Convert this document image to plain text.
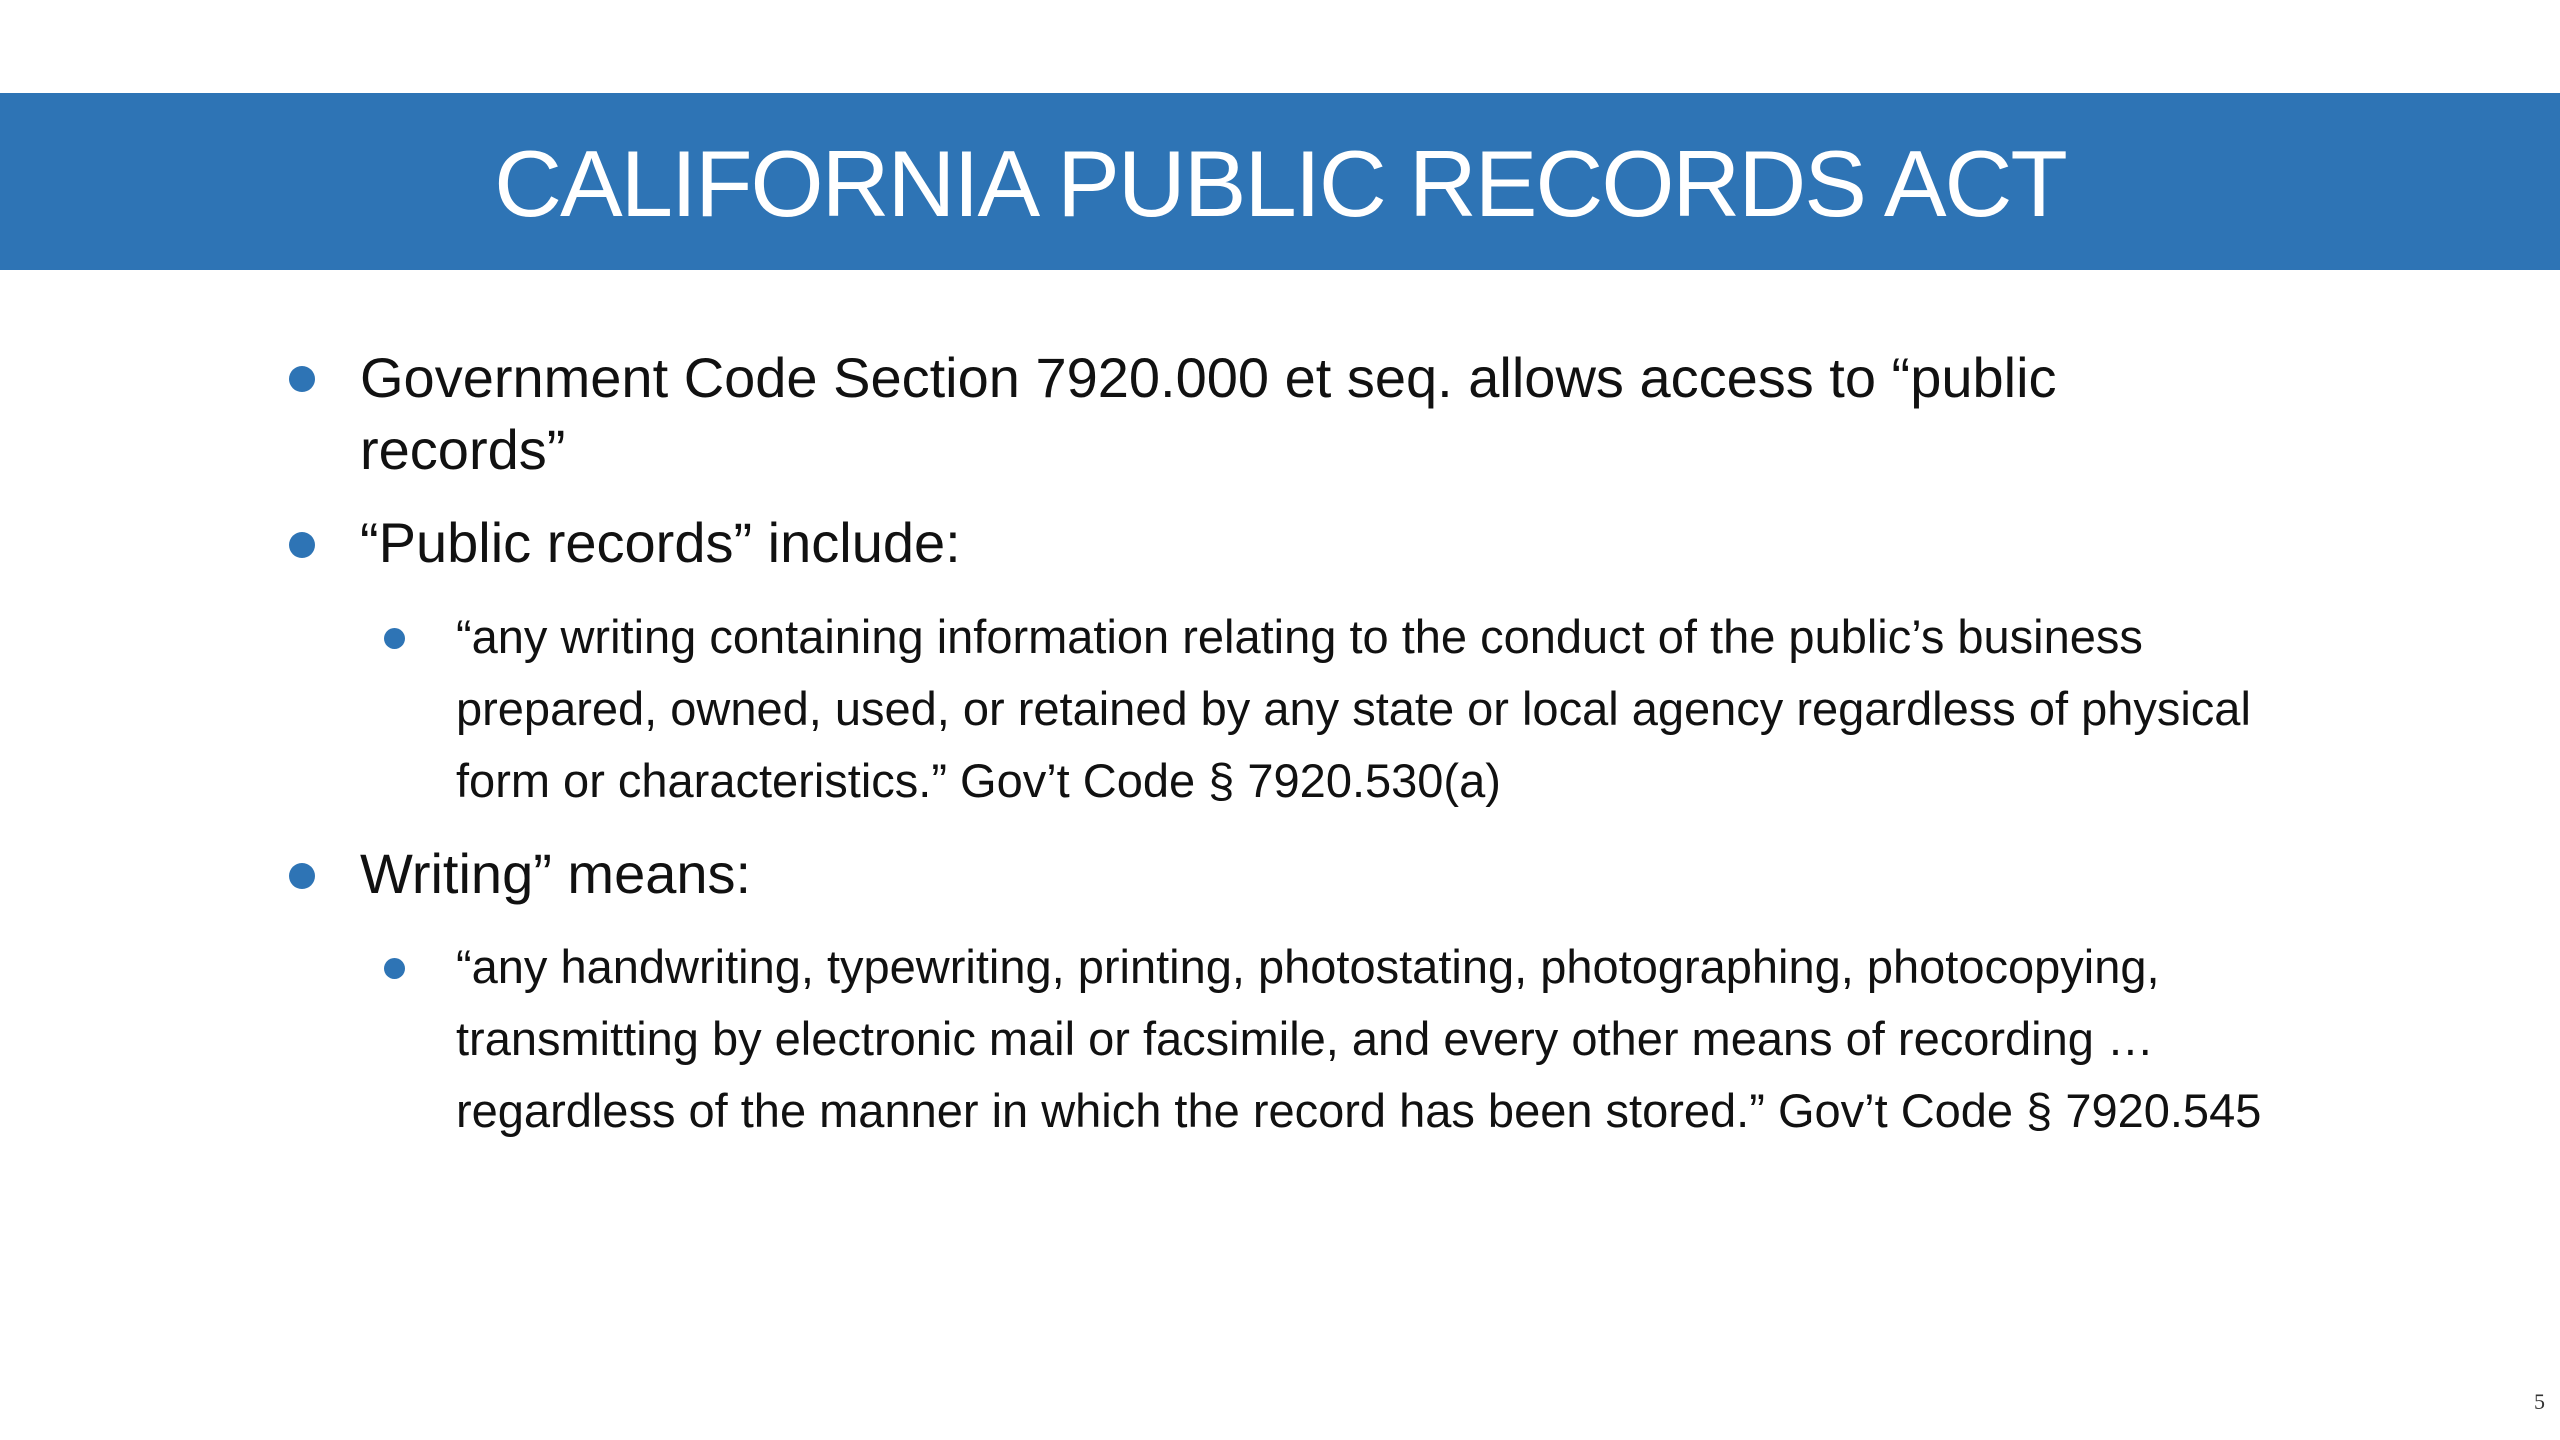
CALIFORNIA PUBLIC RECORDS ACT
Government Code Section 7920.000 et seq. allows access to “public records”
“Public records” include:
“any writing containing information relating to the conduct of the public’s business prepared, owned, used, or retained by any state or local agency regardless of physical form or characteristics.” Gov’t Code § 7920.530(a)
Writing” means:
“any handwriting, typewriting, printing, photostating, photographing, photocopying, transmitting by electronic mail or facsimile, and every other means of recording … regardless of the manner in which the record has been stored.” Gov’t Code § 7920.545
5
